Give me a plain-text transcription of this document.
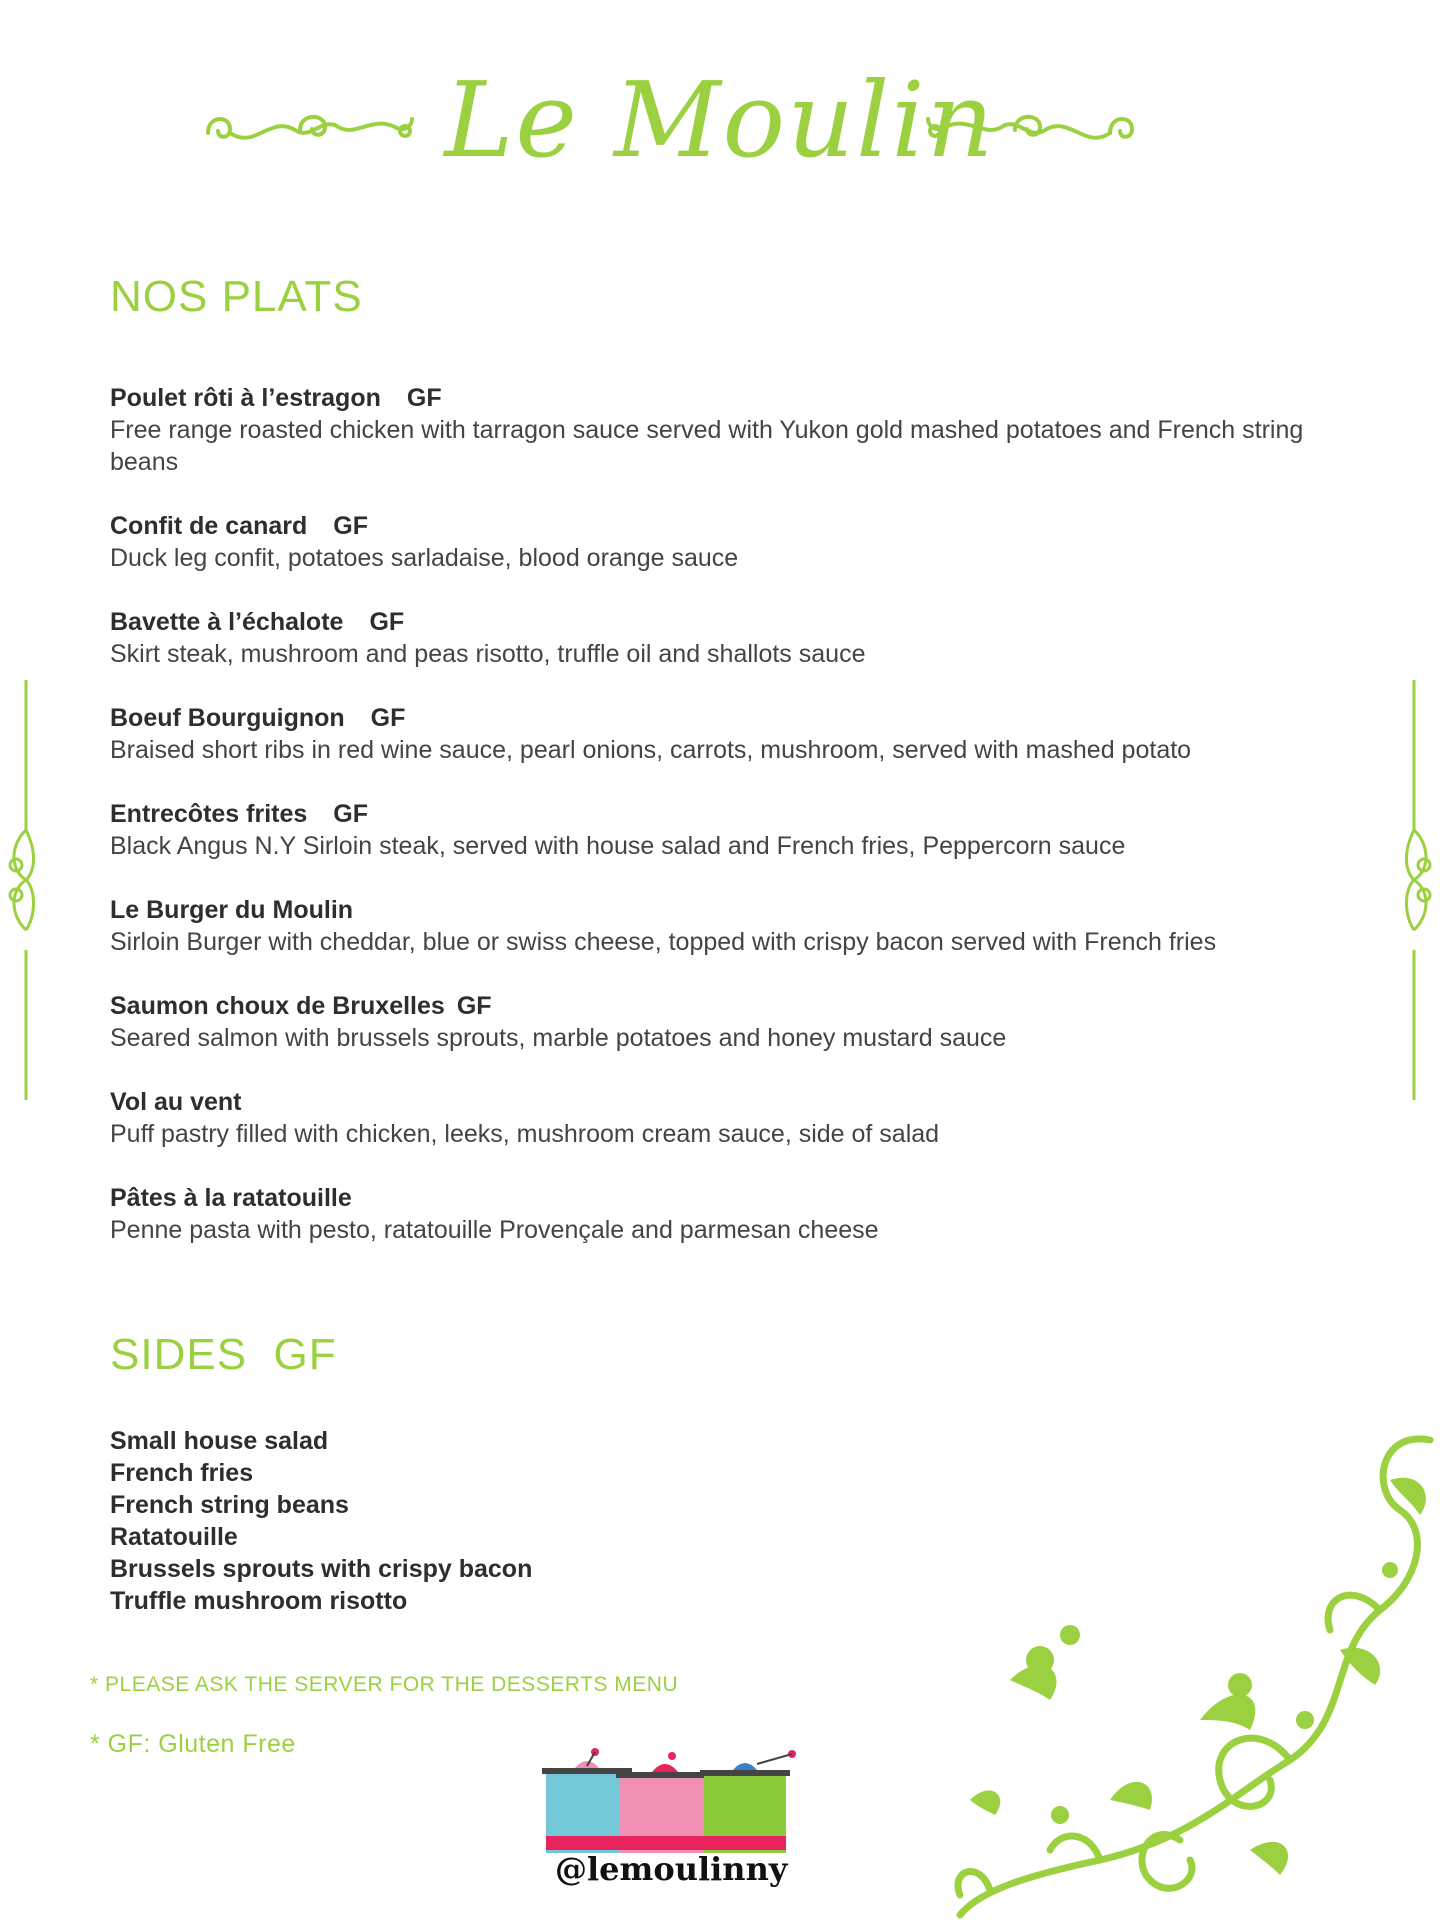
Le Moulin
NOS PLATS
Poulet rôti à l’estragon GF
Free range roasted chicken with tarragon sauce served with Yukon gold mashed potatoes and French string beans
Confit de canard GF
Duck leg confit, potatoes sarladaise, blood orange sauce
Bavette à l’échalote GF
Skirt steak, mushroom and peas risotto, truffle oil and shallots sauce
Boeuf Bourguignon GF
Braised short ribs in red wine sauce, pearl onions, carrots, mushroom, served with mashed potato
Entrecôtes frites GF
Black Angus N.Y Sirloin steak, served with house salad and French fries, Peppercorn sauce
Le Burger du Moulin
Sirloin Burger with cheddar, blue or swiss cheese, topped with crispy bacon served with French fries
Saumon choux de Bruxelles GF
Seared salmon with brussels sprouts, marble potatoes and honey mustard sauce
Vol au vent
Puff pastry filled with chicken, leeks, mushroom cream sauce, side of salad
Pâtes à la ratatouille
Penne pasta with pesto, ratatouille Provençale and parmesan cheese
SIDES  GF
Small house salad
French fries
French string beans
Ratatouille
Brussels sprouts with crispy bacon
Truffle mushroom risotto
* PLEASE ASK THE SERVER FOR THE DESSERTS MENU
* GF: Gluten Free
@lemoulinny
